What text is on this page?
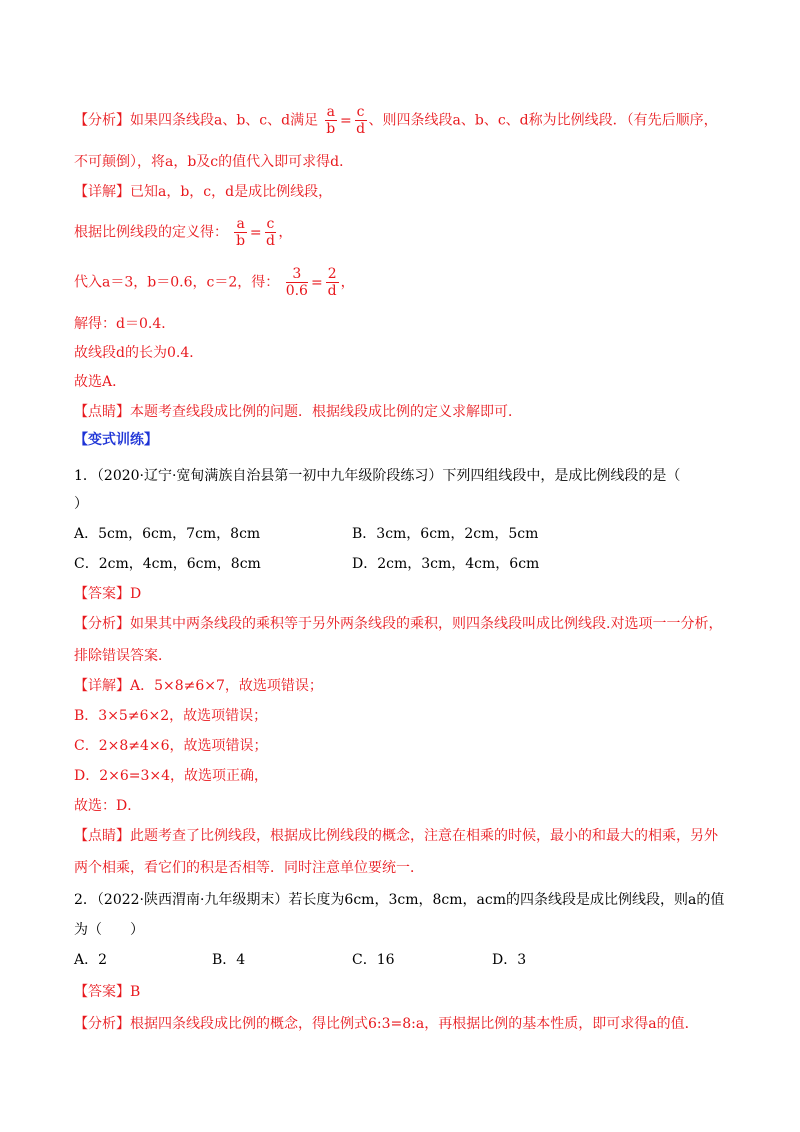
【分析】如果四条线段a、b、c、d满足 $\frac{a}{b} = \frac{c}{d}$ 、则四条线段a、b、c、d称为比例线段．（有先后顺序，
不可颠倒），将a，b及c的值代入即可求得d．
【详解】已知a，b，c，d是成比例线段，
根据比例线段的定义得： $\frac{a}{b} = \frac{c}{d}$ ，
代入a＝3，b＝0.6，c＝2，得： $\frac{3}{0.6} = \frac{2}{d}$ ，
解得：d＝0.4．
故线段d的长为0.4．
故选A．
【点睛】本题考查线段成比例的问题．根据线段成比例的定义求解即可．
【变式训练】
1．（2020·辽宁·宽甸满族自治县第一初中九年级阶段练习）下列四组线段中，是成比例线段的是（
）
A．5cm，6cm，7cm，8cm	B．3cm，6cm，2cm，5cm
C．2cm，4cm，6cm，8cm	D．2cm，3cm，4cm，6cm
【答案】D
【分析】如果其中两条线段的乘积等于另外两条线段的乘积，则四条线段叫成比例线段.对选项一一分析，
排除错误答案．
【详解】A．5×8≠6×7，故选项错误；
B．3×5≠6×2，故选项错误；
C．2×8≠4×6，故选项错误；
D．2×6=3×4，故选项正确，
故选：D．
【点睛】此题考查了比例线段，根据成比例线段的概念，注意在相乘的时候，最小的和最大的相乘，另外
两个相乘，看它们的积是否相等．同时注意单位要统一．
2．（2022·陕西渭南·九年级期末）若长度为6cm，3cm，8cm，acm的四条线段是成比例线段，则a的值
为（　　）
A．2	B．4	C．16	D．3
【答案】B
【分析】根据四条线段成比例的概念，得比例式6:3=8:a，再根据比例的基本性质，即可求得a的值．
